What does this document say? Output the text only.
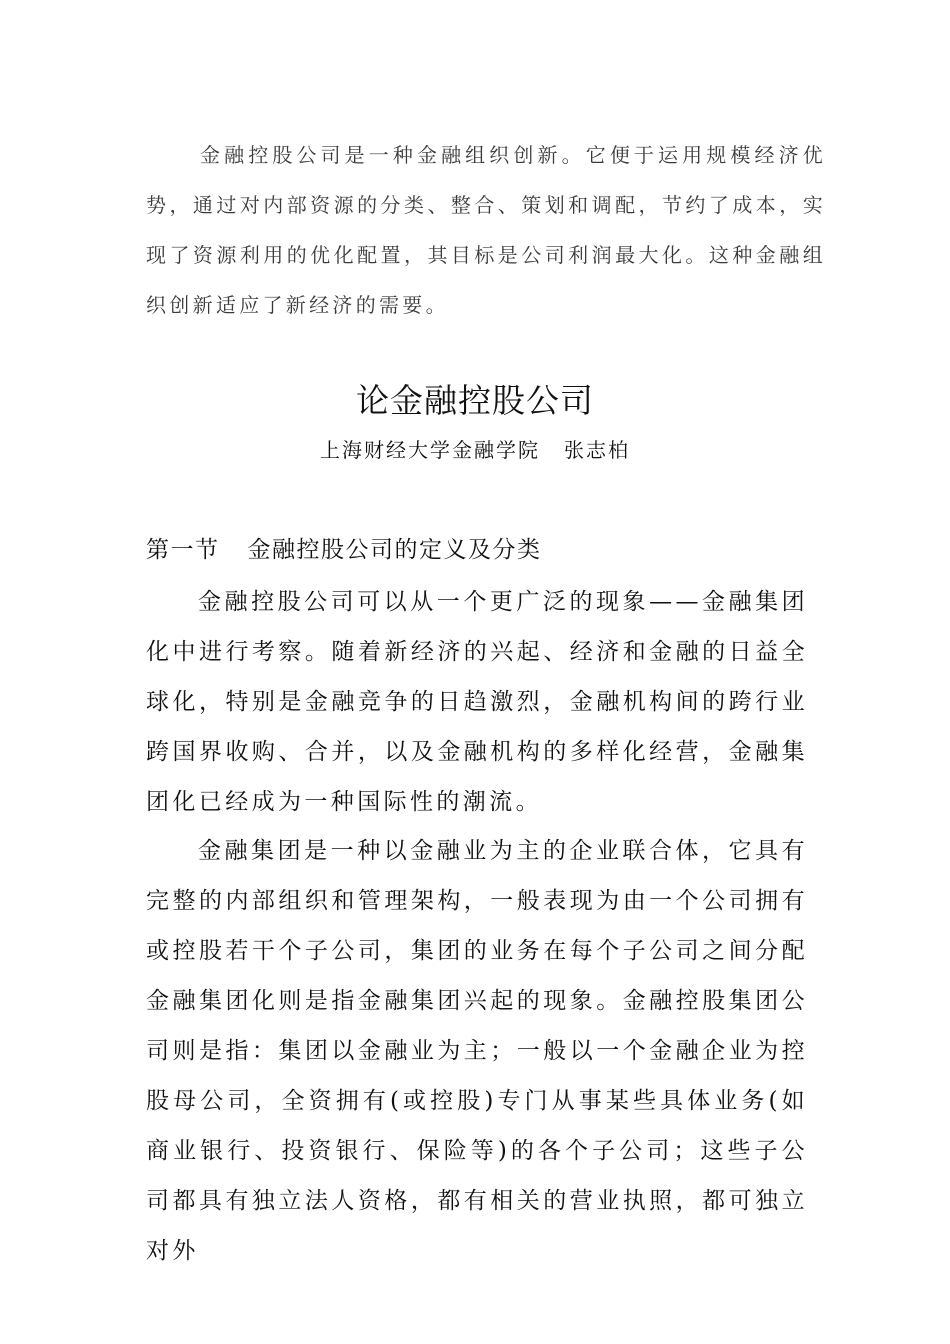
金融控股公司是一种金融组织创新。它便于运用规模经济优势，通过对内部资源的分类、整合、策划和调配，节约了成本，实现了资源利用的优化配置，其目标是公司利润最大化。这种金融组织创新适应了新经济的需要。

论金融控股公司

上海财经大学金融学院 张志柏

第一节 金融控股公司的定义及分类

金融控股公司可以从一个更广泛的现象——金融集团化中进行考察。随着新经济的兴起、经济和金融的日益全球化，特别是金融竞争的日趋激烈，金融机构间的跨行业跨国界收购、合并，以及金融机构的多样化经营，金融集团化已经成为一种国际性的潮流。

金融集团是一种以金融业为主的企业联合体，它具有完整的内部组织和管理架构，一般表现为由一个公司拥有或控股若干个子公司，集团的业务在每个子公司之间分配金融集团化则是指金融集团兴起的现象。金融控股集团公司则是指：集团以金融业为主；一般以一个金融企业为控股母公司，全资拥有(或控股)专门从事某些具体业务(如商业银行、投资银行、保险等)的各个子公司；这些子公司都具有独立法人资格，都有相关的营业执照，都可独立对外
